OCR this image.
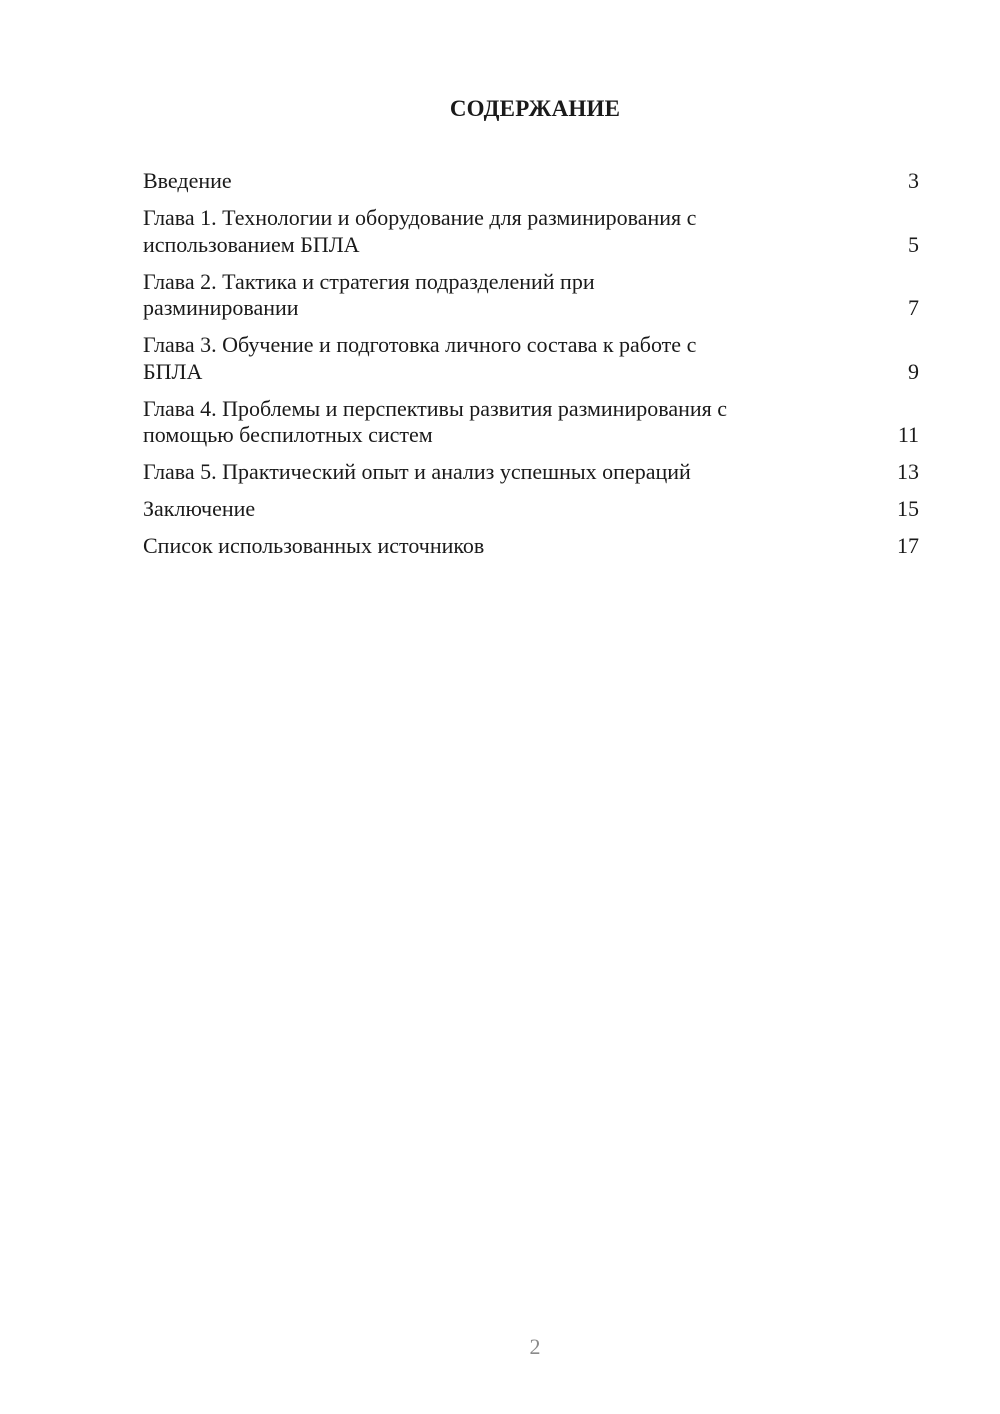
СОДЕРЖАНИЕ
Введение	3
Глава 1. Технологии и оборудование для разминирования с
использованием БПЛА	5
Глава 2. Тактика и стратегия подразделений при
разминировании	7
Глава 3. Обучение и подготовка личного состава к работе с
БПЛА	9
Глава 4. Проблемы и перспективы развития разминирования с
помощью беспилотных систем	11
Глава 5. Практический опыт и анализ успешных операций	13
Заключение	15
Список использованных источников	17
2
